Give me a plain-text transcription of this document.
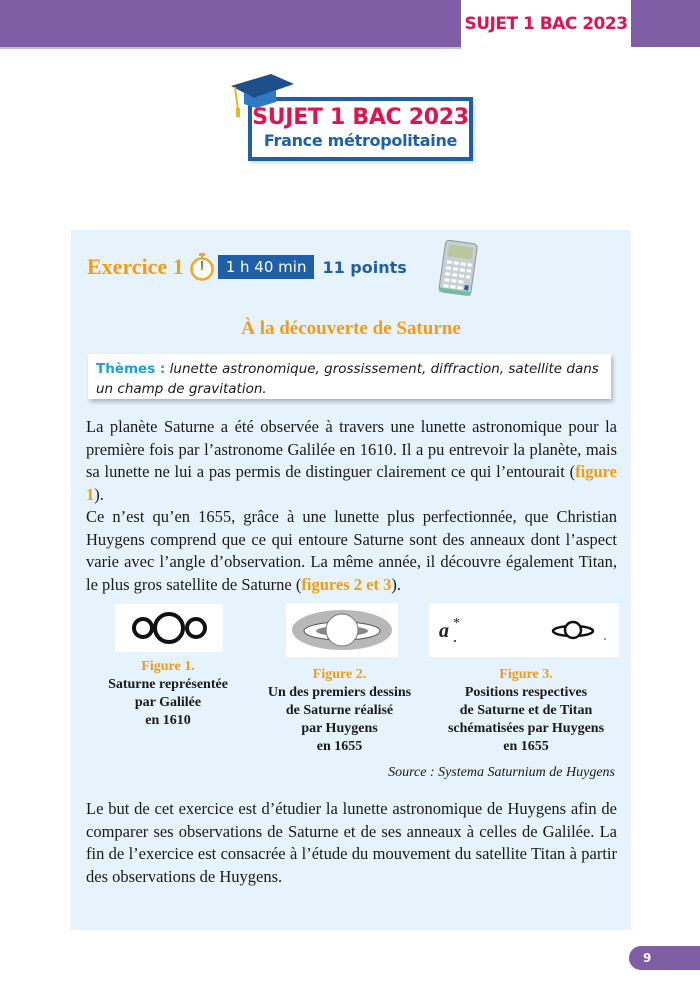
SUJET 1 BAC 2023
SUJET 1 BAC 2023
France métropolitaine
Exercice 1	1 h 40 min	11 points
À la découverte de Saturne
Thèmes : lunette astronomique, grossissement, diffraction, satellite dans un champ de gravitation.
La planète Saturne a été observée à travers une lunette astronomique pour la première fois par l’astronome Galilée en 1610. Il a pu entrevoir la planète, mais sa lunette ne lui a pas permis de distinguer clairement ce qui l’entourait (figure 1).
Ce n’est qu’en 1655, grâce à une lunette plus perfectionnée, que Christian Huygens comprend que ce qui entoure Saturne sont des anneaux dont l’aspect varie avec l’angle d’observation. La même année, il découvre également Titan, le plus gros satellite de Saturne (figures 2 et 3).
a *
Figure 1.
Saturne représentée
par Galilée
en 1610
Figure 2.
Un des premiers dessins
de Saturne réalisé
par Huygens
en 1655
Figure 3.
Positions respectives
de Saturne et de Titan
schématisées par Huygens
en 1655
Source : Systema Saturnium de Huygens
Le but de cet exercice est d’étudier la lunette astronomique de Huygens afin de comparer ses observations de Saturne et de ses anneaux à celles de Galilée. La fin de l’exercice est consacrée à l’étude du mouvement du satellite Titan à partir des observations de Huygens.
9
